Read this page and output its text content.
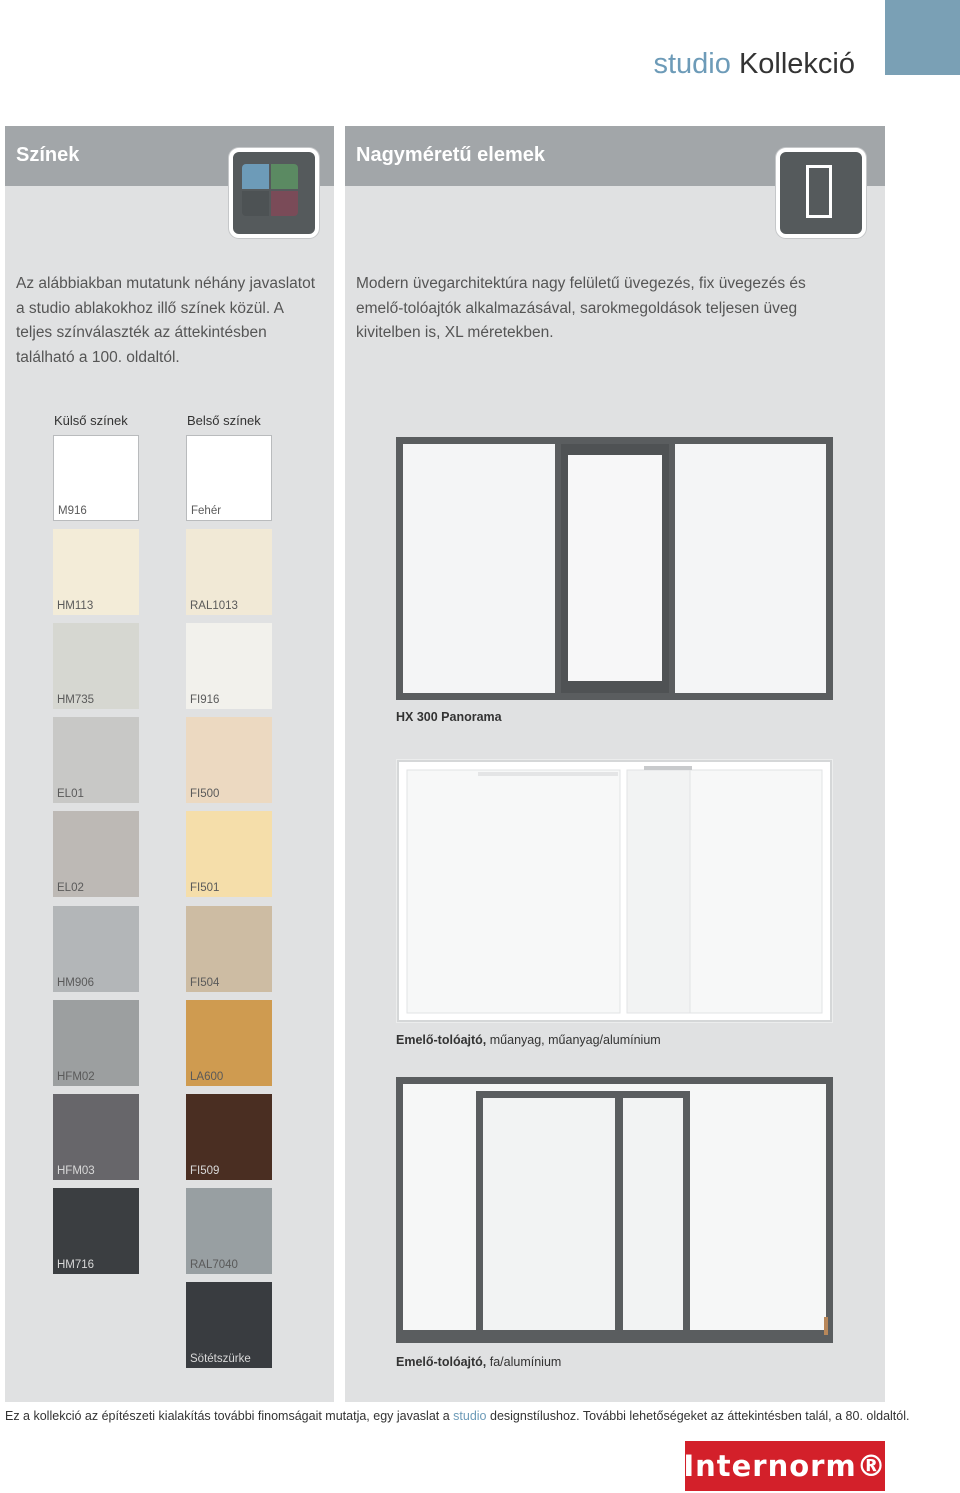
studio Kollekció
Színek
Az alábbiakban mutatunk néhány javaslatot a studio ablakokhoz illő színek közül. A teljes színválaszték az áttekintésben található a 100. oldaltól.
Külső színek	Belső színek
M916
HM113
HM735
EL01
EL02
HM906
HFM02
HFM03
HM716
Fehér
RAL1013
FI916
FI500
FI501
FI504
LA600
FI509
RAL7040
Sötétszürke
Nagyméretű elemek
Modern üvegarchitektúra nagy felületű üvegezés, fix üvegezés és emelő-tolóajtók alkalmazásával, sarokmegoldások teljesen üveg kivitelben is, XL méretekben.
HX 300 Panorama
Emelő-tolóajtó, műanyag, műanyag/alumínium
Emelő-tolóajtó, fa/alumínium
Ez a kollekció az építészeti kialakítás további finomságait mutatja, egy javaslat a studio designstílushoz. További lehetőségeket az áttekintésben talál, a 80. oldaltól.
Internorm®
